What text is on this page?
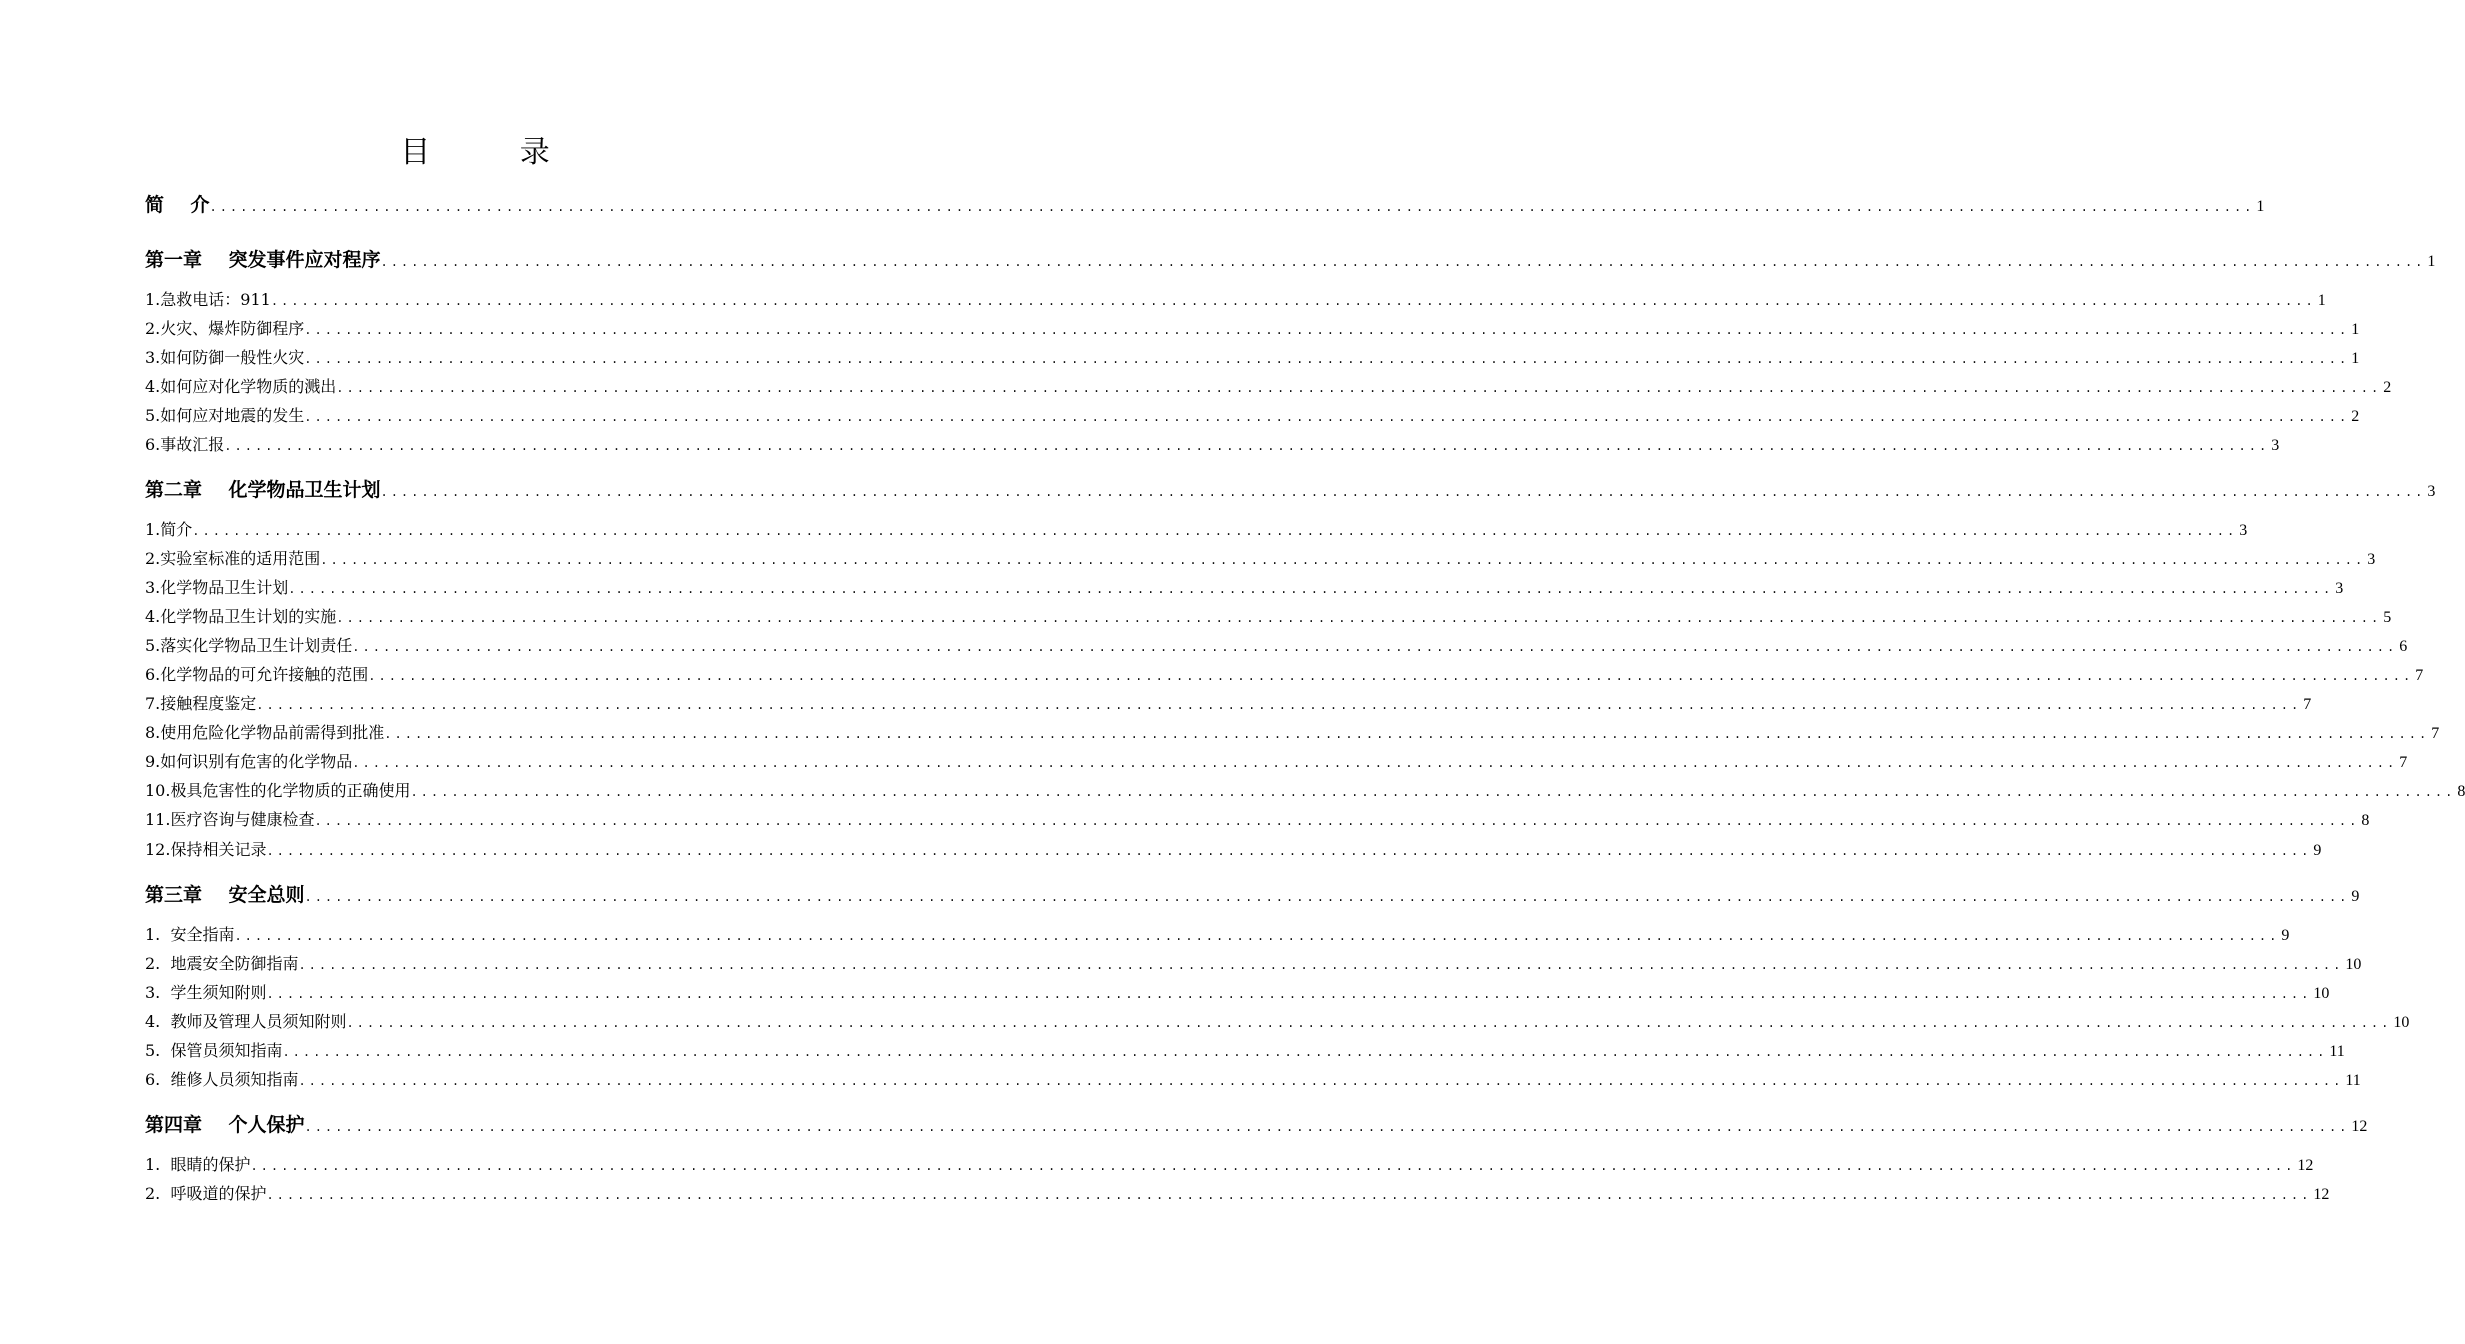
目 录
简    介 ........................................................................................................................................................................................................ 1
第一章    突发事件应对程序 ........................................................................................................................................................................................................ 1
1.急救电话：911 ........................................................................................................................................................................................................ 1
2.火灾、爆炸防御程序 ........................................................................................................................................................................................................ 1
3.如何防御一般性火灾 ........................................................................................................................................................................................................ 1
4.如何应对化学物质的溅出 ........................................................................................................................................................................................................ 2
5.如何应对地震的发生 ........................................................................................................................................................................................................ 2
6.事故汇报 ........................................................................................................................................................................................................ 3
第二章    化学物品卫生计划 ........................................................................................................................................................................................................ 3
1.简介 ........................................................................................................................................................................................................ 3
2.实验室标准的适用范围 ........................................................................................................................................................................................................ 3
3.化学物品卫生计划 ........................................................................................................................................................................................................ 3
4.化学物品卫生计划的实施 ........................................................................................................................................................................................................ 5
5.落实化学物品卫生计划责任 ........................................................................................................................................................................................................ 6
6.化学物品的可允许接触的范围 ........................................................................................................................................................................................................ 7
7.接触程度鉴定 ........................................................................................................................................................................................................ 7
8.使用危险化学物品前需得到批准 ........................................................................................................................................................................................................ 7
9.如何识别有危害的化学物品 ........................................................................................................................................................................................................ 7
10.极具危害性的化学物质的正确使用 ........................................................................................................................................................................................................ 8
11.医疗咨询与健康检查 ........................................................................................................................................................................................................ 8
12.保持相关记录 ........................................................................................................................................................................................................ 9
第三章    安全总则 ........................................................................................................................................................................................................ 9
1.  安全指南 ........................................................................................................................................................................................................ 9
2.  地震安全防御指南 ........................................................................................................................................................................................................ 10
3.  学生须知附则 ........................................................................................................................................................................................................ 10
4.  教师及管理人员须知附则 ........................................................................................................................................................................................................ 10
5.  保管员须知指南 ........................................................................................................................................................................................................ 11
6.  维修人员须知指南 ........................................................................................................................................................................................................ 11
第四章    个人保护 ........................................................................................................................................................................................................ 12
1.  眼睛的保护 ........................................................................................................................................................................................................ 12
2.  呼吸道的保护 ........................................................................................................................................................................................................ 12
